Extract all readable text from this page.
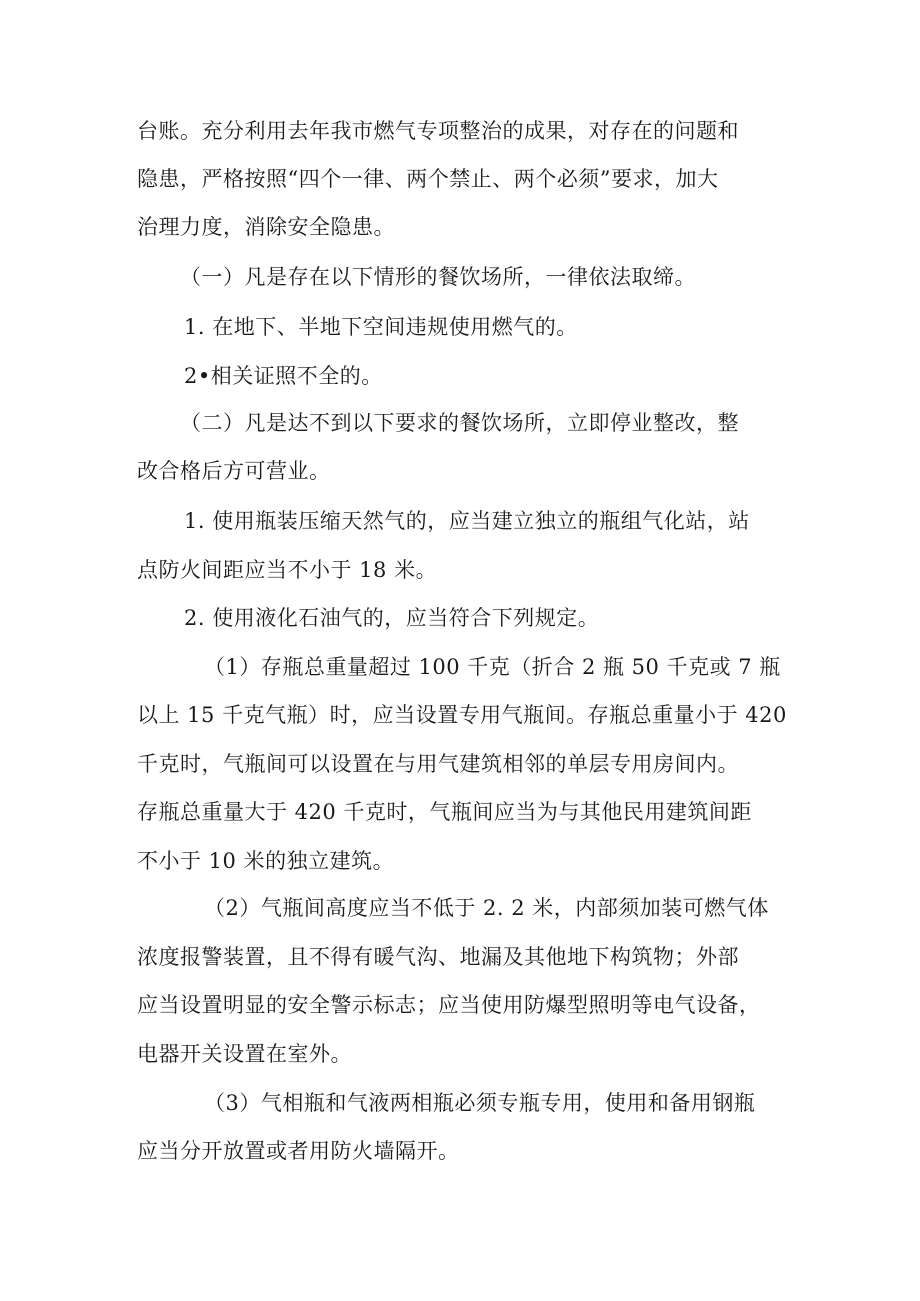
台账。充分利用去年我市燃气专项整治的成果，对存在的问题和
隐患，严格按照“四个一律、两个禁止、两个必须”要求，加大
治理力度，消除安全隐患。
（一）凡是存在以下情形的餐饮场所，一律依法取缔。
1. 在地下、半地下空间违规使用燃气的。
2•相关证照不全的。
（二）凡是达不到以下要求的餐饮场所，立即停业整改，整
改合格后方可营业。
1. 使用瓶装压缩天然气的，应当建立独立的瓶组气化站，站
点防火间距应当不小于 18 米。
2. 使用液化石油气的，应当符合下列规定。
（1）存瓶总重量超过 100 千克（折合 2 瓶 50 千克或 7 瓶
以上 15 千克气瓶）时，应当设置专用气瓶间。存瓶总重量小于 420
千克时，气瓶间可以设置在与用气建筑相邻的单层专用房间内。
存瓶总重量大于 420 千克时，气瓶间应当为与其他民用建筑间距
不小于 10 米的独立建筑。
（2）气瓶间高度应当不低于 2. 2 米，内部须加装可燃气体
浓度报警装置，且不得有暖气沟、地漏及其他地下构筑物；外部
应当设置明显的安全警示标志；应当使用防爆型照明等电气设备，
电器开关设置在室外。
（3）气相瓶和气液两相瓶必须专瓶专用，使用和备用钢瓶
应当分开放置或者用防火墙隔开。
